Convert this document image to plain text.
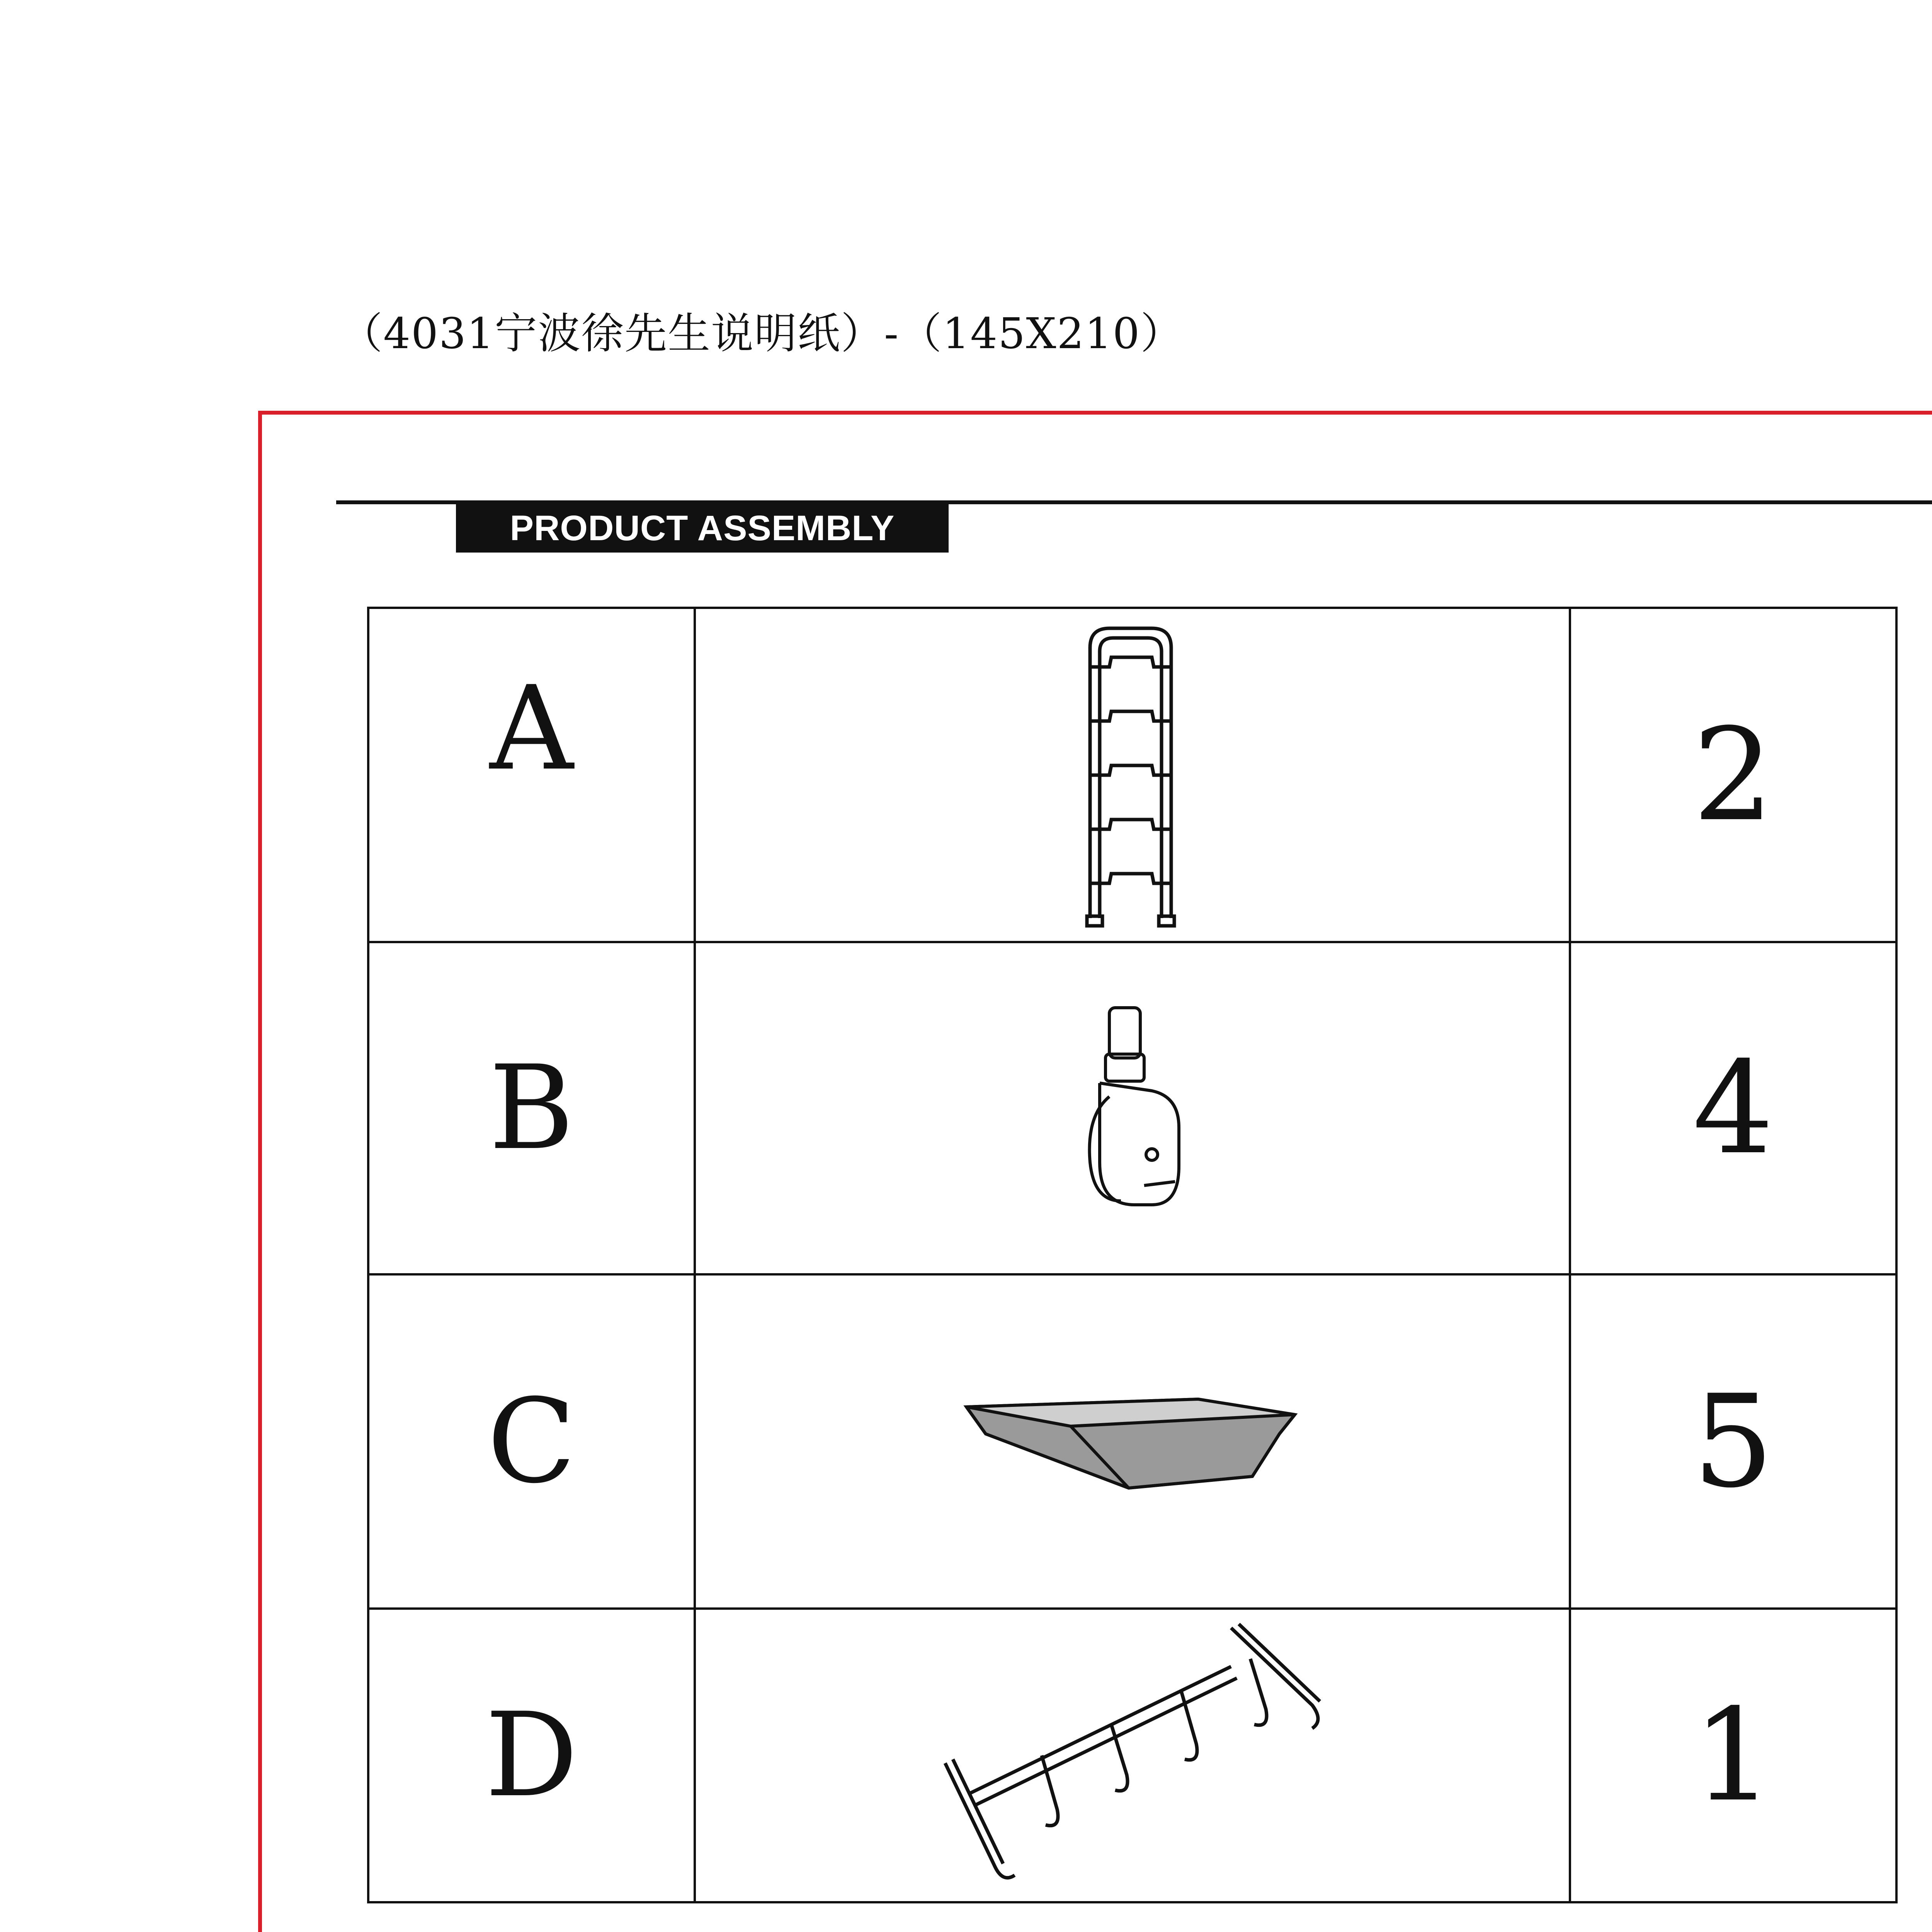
（4031宁波徐先生说明纸）-（145X210）
PRODUCT ASSEMBLY
A		2
B		4
C		5
D		1
